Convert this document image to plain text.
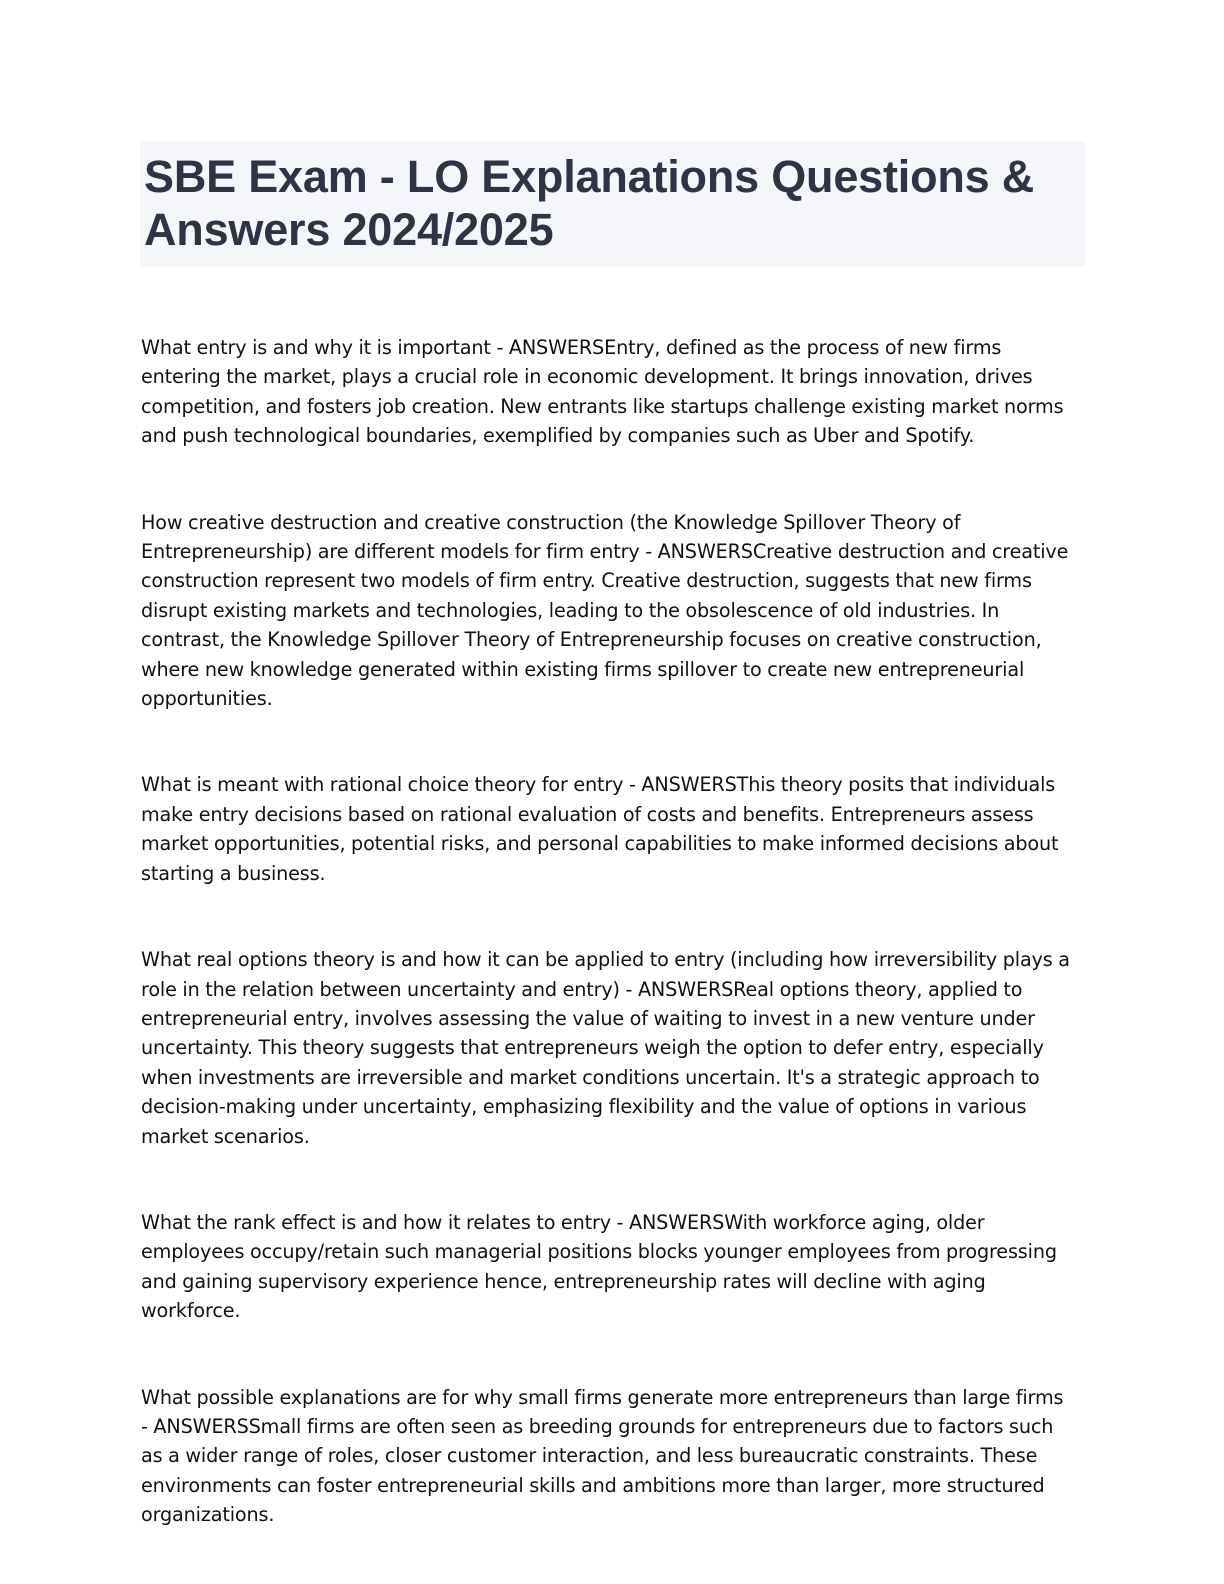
SBE Exam - LO Explanations Questions & Answers 2024/2025

What entry is and why it is important - ANSWERSEntry, defined as the process of new firms entering the market, plays a crucial role in economic development. It brings innovation, drives competition, and fosters job creation. New entrants like startups challenge existing market norms and push technological boundaries, exemplified by companies such as Uber and Spotify.

How creative destruction and creative construction (the Knowledge Spillover Theory of Entrepreneurship) are different models for firm entry - ANSWERSCreative destruction and creative construction represent two models of firm entry. Creative destruction, suggests that new firms disrupt existing markets and technologies, leading to the obsolescence of old industries. In contrast, the Knowledge Spillover Theory of Entrepreneurship focuses on creative construction, where new knowledge generated within existing firms spillover to create new entrepreneurial opportunities.

What is meant with rational choice theory for entry - ANSWERSThis theory posits that individuals make entry decisions based on rational evaluation of costs and benefits. Entrepreneurs assess market opportunities, potential risks, and personal capabilities to make informed decisions about starting a business.

What real options theory is and how it can be applied to entry (including how irreversibility plays a role in the relation between uncertainty and entry) - ANSWERSReal options theory, applied to entrepreneurial entry, involves assessing the value of waiting to invest in a new venture under uncertainty. This theory suggests that entrepreneurs weigh the option to defer entry, especially when investments are irreversible and market conditions uncertain. It's a strategic approach to decision-making under uncertainty, emphasizing flexibility and the value of options in various market scenarios.

What the rank effect is and how it relates to entry - ANSWERSWith workforce aging, older employees occupy/retain such managerial positions blocks younger employees from progressing and gaining supervisory experience hence, entrepreneurship rates will decline with aging workforce.

What possible explanations are for why small firms generate more entrepreneurs than large firms - ANSWERSSmall firms are often seen as breeding grounds for entrepreneurs due to factors such as a wider range of roles, closer customer interaction, and less bureaucratic constraints. These environments can foster entrepreneurial skills and ambitions more than larger, more structured organizations.
